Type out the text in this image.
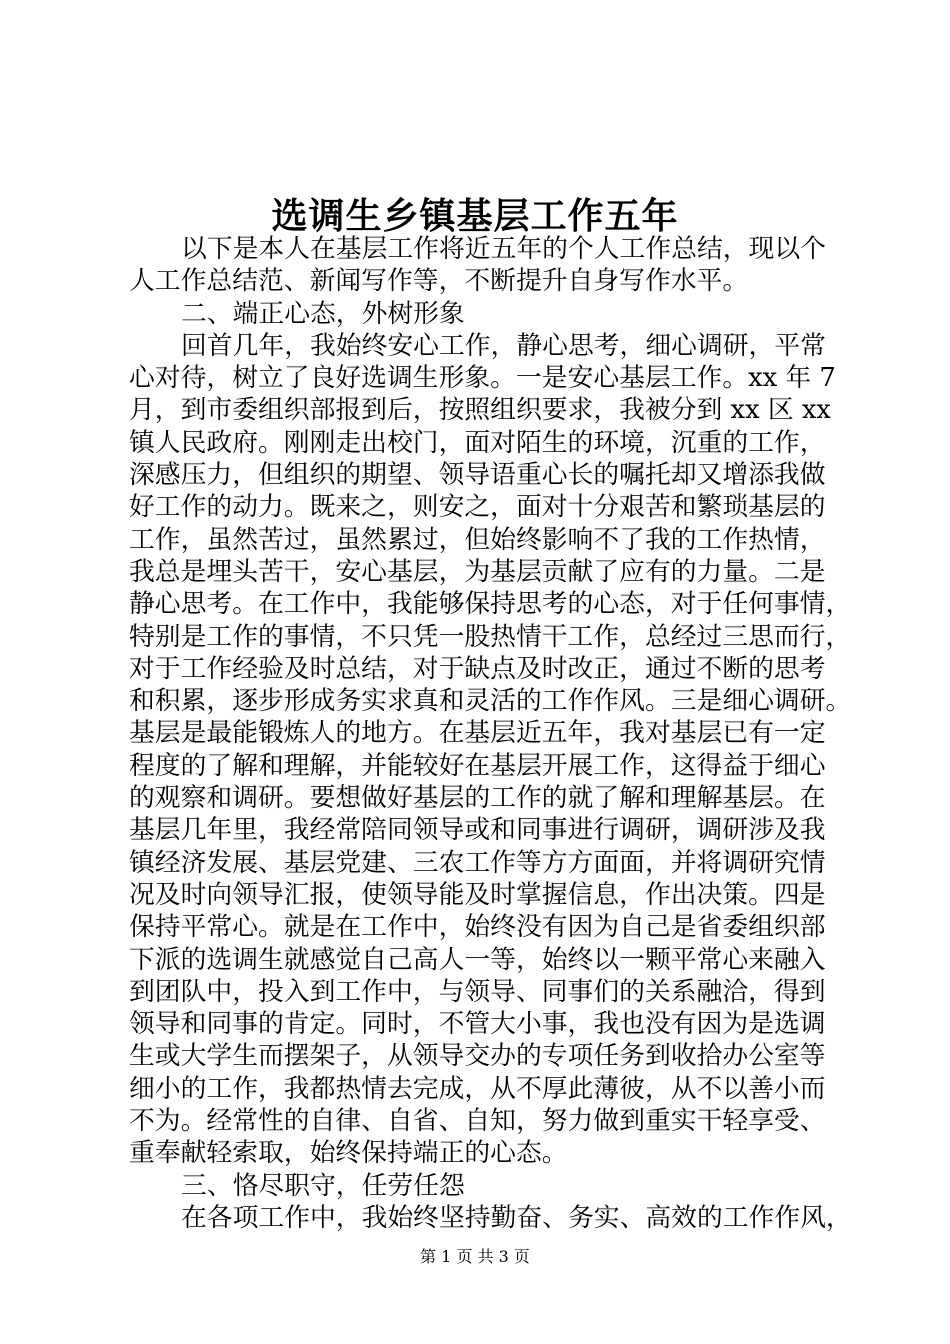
选调生乡镇基层工作五年
以下是本人在基层工作将近五年的个人工作总结，现以个
人工作总结范、新闻写作等，不断提升自身写作水平。
二、端正心态，外树形象
回首几年，我始终安心工作，静心思考，细心调研，平常
心对待，树立了良好选调生形象。一是安心基层工作。xx 年 7
月，到市委组织部报到后，按照组织要求，我被分到 xx 区 xx
镇人民政府。刚刚走出校门，面对陌生的环境，沉重的工作，
深感压力，但组织的期望、领导语重心长的嘱托却又增添我做
好工作的动力。既来之，则安之，面对十分艰苦和繁琐基层的
工作，虽然苦过，虽然累过，但始终影响不了我的工作热情，
我总是埋头苦干，安心基层，为基层贡献了应有的力量。二是
静心思考。在工作中，我能够保持思考的心态，对于任何事情，
特别是工作的事情，不只凭一股热情干工作，总经过三思而行，
对于工作经验及时总结，对于缺点及时改正，通过不断的思考
和积累，逐步形成务实求真和灵活的工作作风。三是细心调研。
基层是最能锻炼人的地方。在基层近五年，我对基层已有一定
程度的了解和理解，并能较好在基层开展工作，这得益于细心
的观察和调研。要想做好基层的工作的就了解和理解基层。在
基层几年里，我经常陪同领导或和同事进行调研，调研涉及我
镇经济发展、基层党建、三农工作等方方面面，并将调研究情
况及时向领导汇报，使领导能及时掌握信息，作出决策。四是
保持平常心。就是在工作中，始终没有因为自己是省委组织部
下派的选调生就感觉自己高人一等，始终以一颗平常心来融入
到团队中，投入到工作中，与领导、同事们的关系融洽，得到
领导和同事的肯定。同时，不管大小事，我也没有因为是选调
生或大学生而摆架子，从领导交办的专项任务到收拾办公室等
细小的工作，我都热情去完成，从不厚此薄彼，从不以善小而
不为。经常性的自律、自省、自知，努力做到重实干轻享受、
重奉献轻索取，始终保持端正的心态。
三、恪尽职守，任劳任怨
在各项工作中，我始终坚持勤奋、务实、高效的工作作风，
第 1 页 共 3 页
